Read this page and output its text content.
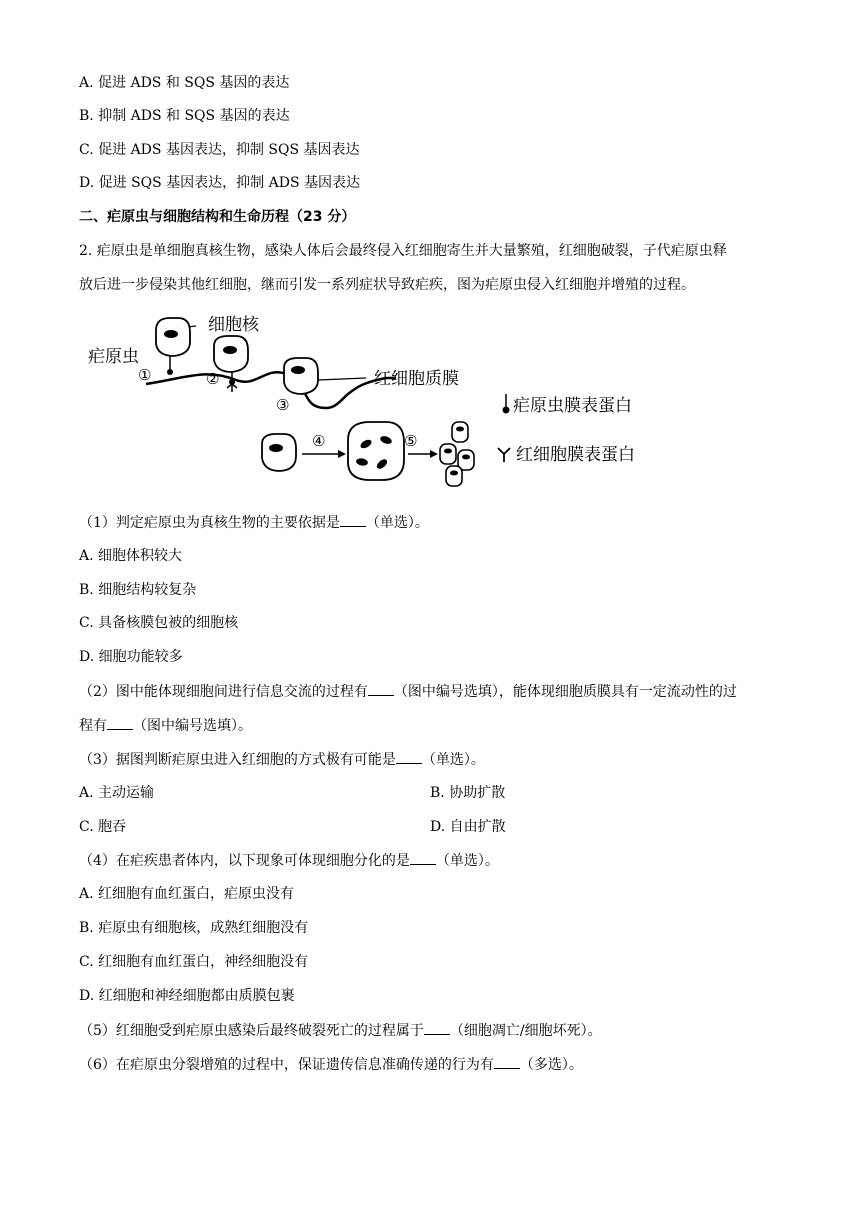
A. 促进 ADS 和 SQS 基因的表达
B. 抑制 ADS 和 SQS 基因的表达
C. 促进 ADS 基因表达，抑制 SQS 基因表达
D. 促进 SQS 基因表达，抑制 ADS 基因表达
二、疟原虫与细胞结构和生命历程（23 分）
2. 疟原虫是单细胞真核生物，感染人体后会最终侵入红细胞寄生并大量繁殖，红细胞破裂，子代疟原虫释
放后进一步侵染其他红细胞，继而引发一系列症状导致疟疾，图为疟原虫侵入红细胞并增殖的过程。
疟原虫
细胞核
红细胞质膜
①	②
③	疟原虫膜表蛋白
红细胞膜表蛋白
④	⑤
（1）判定疟原虫为真核生物的主要依据是 （单选）。
A. 细胞体积较大
B. 细胞结构较复杂
C. 具备核膜包被的细胞核
D. 细胞功能较多
（2）图中能体现细胞间进行信息交流的过程有 （图中编号选填），能体现细胞质膜具有一定流动性的过
程有 （图中编号选填）。
（3）据图判断疟原虫进入红细胞的方式极有可能是 （单选）。
A. 主动运输	B. 协助扩散
C. 胞吞	D. 自由扩散
（4）在疟疾患者体内，以下现象可体现细胞分化的是 （单选）。
A. 红细胞有血红蛋白，疟原虫没有
B. 疟原虫有细胞核，成熟红细胞没有
C. 红细胞有血红蛋白，神经细胞没有
D. 红细胞和神经细胞都由质膜包裹
（5）红细胞受到疟原虫感染后最终破裂死亡的过程属于 （细胞凋亡/细胞坏死）。
（6）在疟原虫分裂增殖的过程中，保证遗传信息准确传递的行为有 （多选）。
